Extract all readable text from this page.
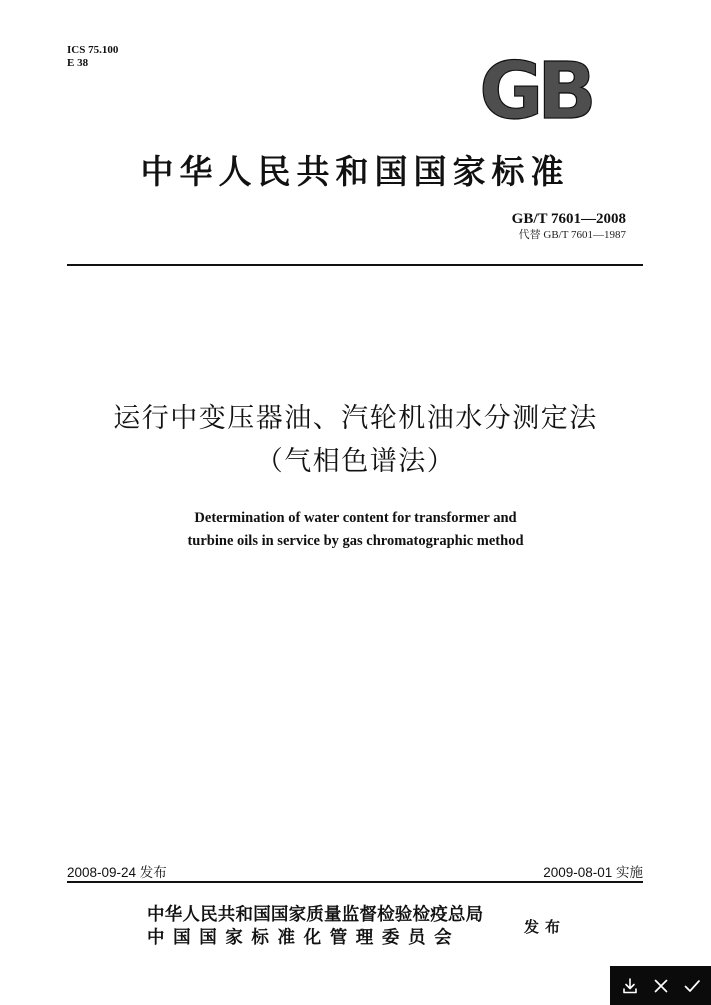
ICS 75.100
E 38	GB
中华人民共和国国家标准
GB/T 7601—2008
代替 GB/T 7601—1987
运行中变压器油、汽轮机油水分测定法
（气相色谱法）
Determination of water content for transformer and
turbine oils in service by gas chromatographic method
2008-09-24 发布	2009-08-01 实施
中华人民共和国国家质量监督检验检疫总局
中国国家标准化管理委员会
发布
